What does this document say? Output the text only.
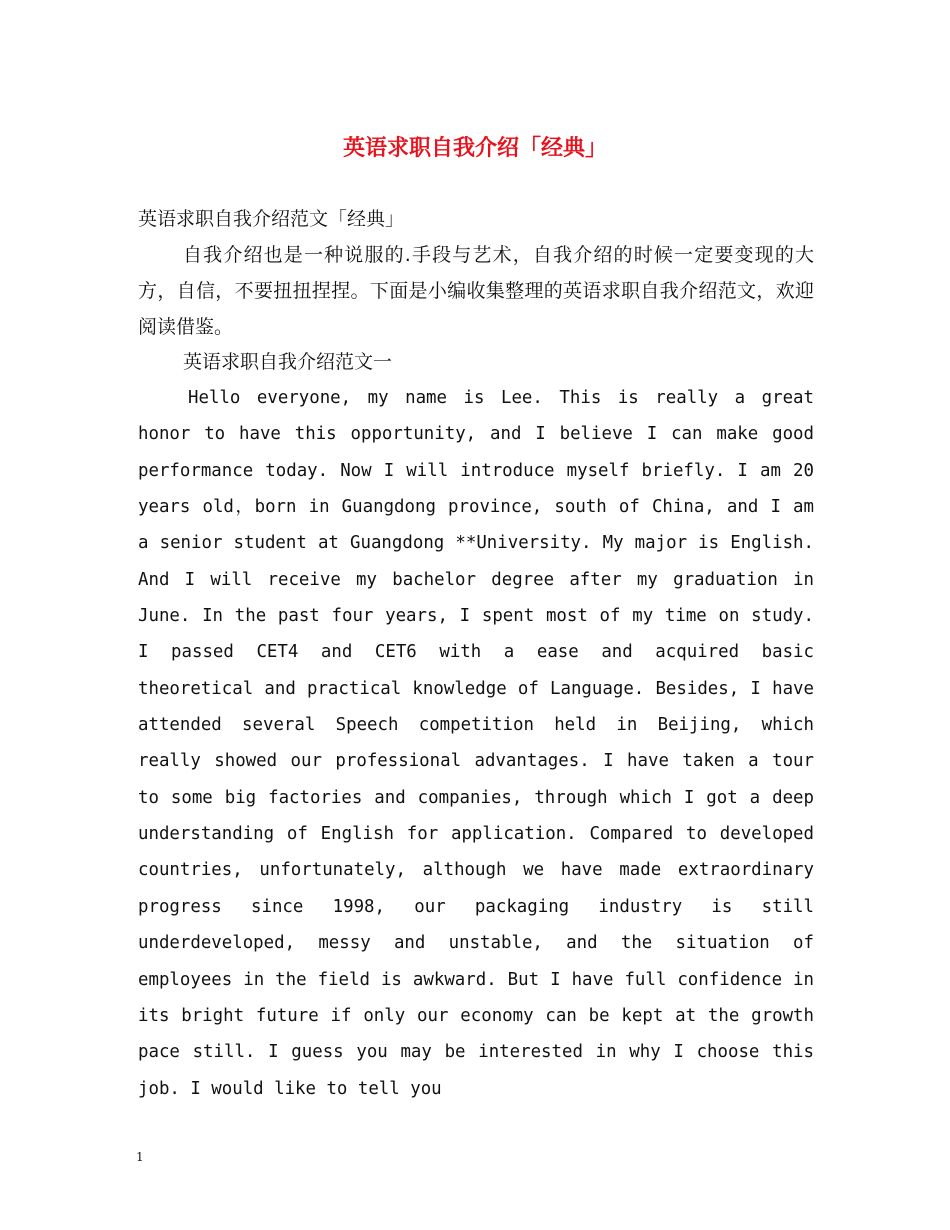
英语求职自我介绍「经典」

英语求职自我介绍范文「经典」

自我介绍也是一种说服的.手段与艺术，自我介绍的时候一定要变现的大方，自信，不要扭扭捏捏。下面是小编收集整理的英语求职自我介绍范文，欢迎阅读借鉴。

英语求职自我介绍范文一

Hello everyone, my name is Lee. This is really a great honor to have this opportunity, and I believe I can make good performance today. Now I will introduce myself briefly. I am 20 years old，born in Guangdong province, south of China, and I am a senior student at Guangdong **University. My major is English. And I will receive my bachelor degree after my graduation in June. In the past four years, I spent most of my time on study. I passed CET4 and CET6 with a ease and acquired basic theoretical and practical knowledge of Language. Besides, I have attended several Speech competition held in Beijing, which really showed our professional advantages. I have taken a tour to some big factories and companies, through which I got a deep understanding of English for application. Compared to developed countries, unfortunately, although we have made extraordinary progress since 1998, our packaging industry is still underdeveloped, messy and unstable, and the situation of employees in the field is awkward. But I have full confidence in its bright future if only our economy can be kept at the growth pace still. I guess you may be interested in why I choose this job. I would like to tell you

1
